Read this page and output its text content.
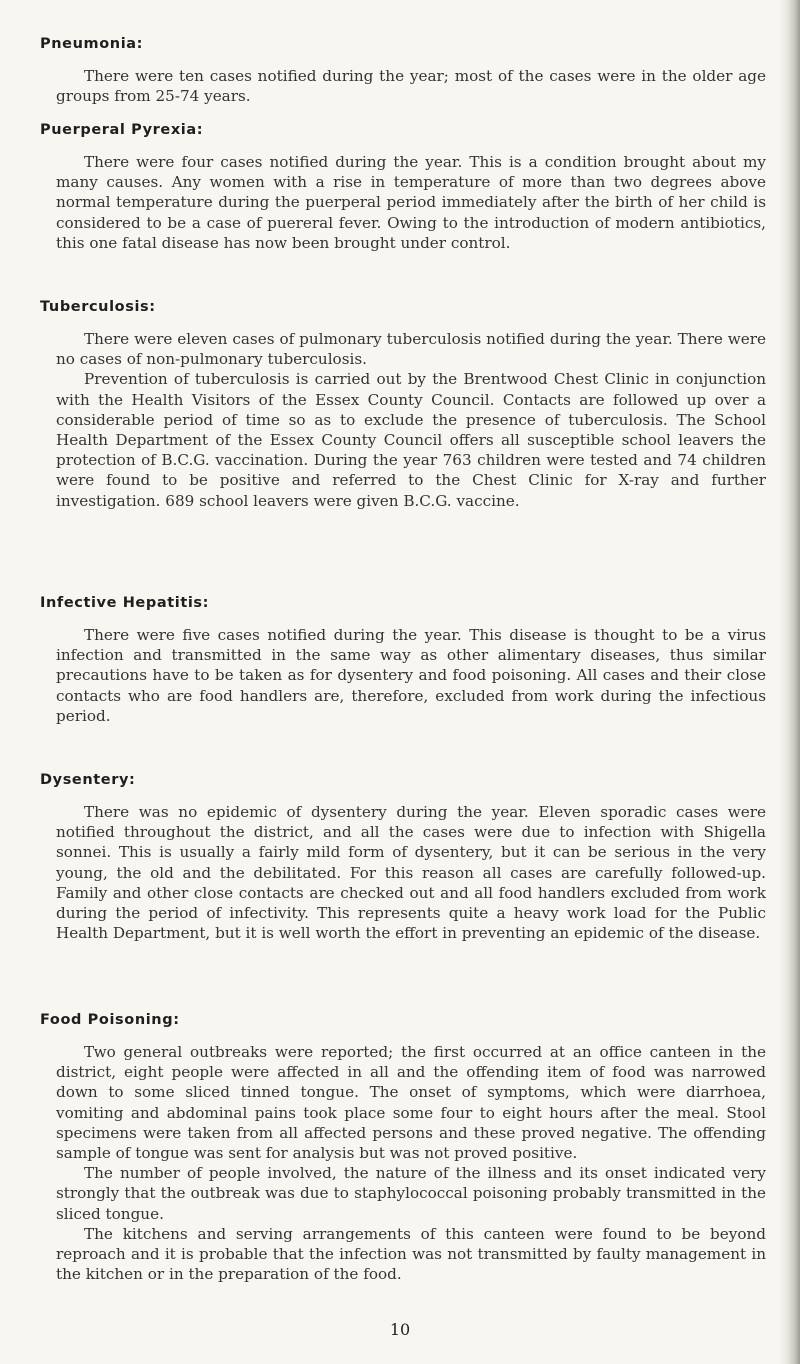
Pneumonia:

There were ten cases notified during the year; most of the cases were in the older age groups from 25-74 years.

Puerperal Pyrexia:

There were four cases notified during the year. This is a condition brought about my many causes. Any women with a rise in temperature of more than two degrees above normal temperature during the puerperal period immediately after the birth of her child is considered to be a case of puereral fever. Owing to the introduction of modern antibiotics, this one fatal disease has now been brought under control.

Tuberculosis:

There were eleven cases of pulmonary tuberculosis notified during the year. There were no cases of non-pulmonary tuberculosis.

Prevention of tuberculosis is carried out by the Brentwood Chest Clinic in conjunction with the Health Visitors of the Essex County Council. Contacts are followed up over a considerable period of time so as to exclude the presence of tuberculosis. The School Health Department of the Essex County Council offers all susceptible school leavers the protection of B.C.G. vaccination. During the year 763 children were tested and 74 children were found to be positive and referred to the Chest Clinic for X-ray and further investigation. 689 school leavers were given B.C.G. vaccine.

Infective Hepatitis:

There were five cases notified during the year. This disease is thought to be a virus infection and transmitted in the same way as other alimentary diseases, thus similar precautions have to be taken as for dysentery and food poisoning. All cases and their close contacts who are food handlers are, therefore, excluded from work during the infectious period.

Dysentery:

There was no epidemic of dysentery during the year. Eleven sporadic cases were notified throughout the district, and all the cases were due to infection with Shigella sonnei. This is usually a fairly mild form of dysentery, but it can be serious in the very young, the old and the debilitated. For this reason all cases are carefully followed-up. Family and other close contacts are checked out and all food handlers excluded from work during the period of infectivity. This represents quite a heavy work load for the Public Health Department, but it is well worth the effort in preventing an epidemic of the disease.

Food Poisoning:

Two general outbreaks were reported; the first occurred at an office canteen in the district, eight people were affected in all and the offending item of food was narrowed down to some sliced tinned tongue. The onset of symptoms, which were diarrhoea, vomiting and abdominal pains took place some four to eight hours after the meal. Stool specimens were taken from all affected persons and these proved negative. The offending sample of tongue was sent for analysis but was not proved positive.

The number of people involved, the nature of the illness and its onset indicated very strongly that the outbreak was due to staphylococcal poisoning probably transmitted in the sliced tongue.

The kitchens and serving arrangements of this canteen were found to be beyond reproach and it is probable that the infection was not transmitted by faulty management in the kitchen or in the preparation of the food.

10
